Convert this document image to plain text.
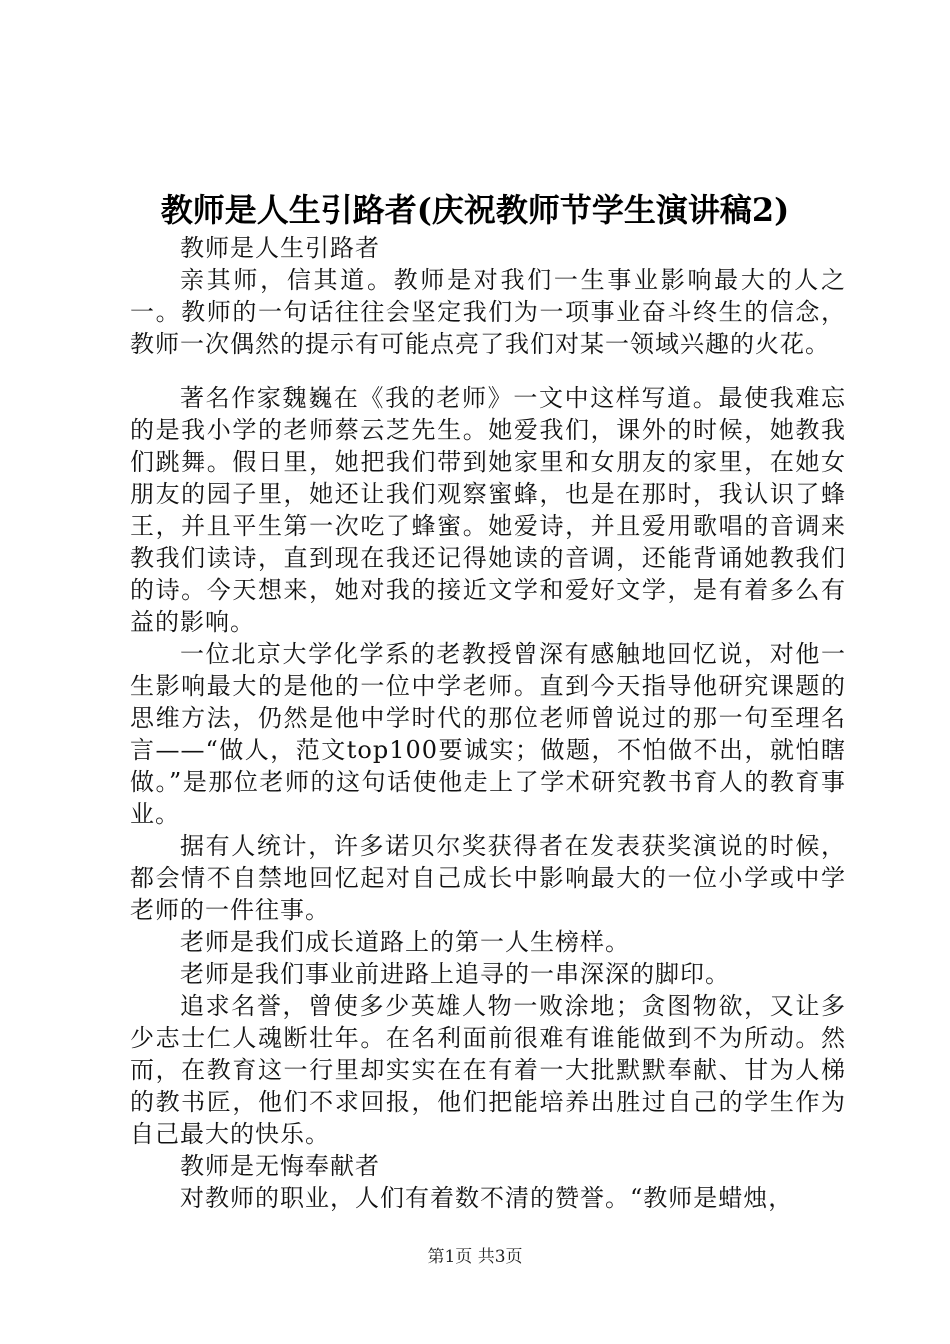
教师是人生引路者(庆祝教师节学生演讲稿2)

教师是人生引路者

亲其师，信其道。教师是对我们一生事业影响最大的人之一。教师的一句话往往会坚定我们为一项事业奋斗终生的信念，教师一次偶然的提示有可能点亮了我们对某一领域兴趣的火花。

著名作家魏巍在《我的老师》一文中这样写道。最使我难忘的是我小学的老师蔡云芝先生。她爱我们，课外的时候，她教我们跳舞。假日里，她把我们带到她家里和女朋友的家里，在她女朋友的园子里，她还让我们观察蜜蜂，也是在那时，我认识了蜂王，并且平生第一次吃了蜂蜜。她爱诗，并且爱用歌唱的音调来教我们读诗，直到现在我还记得她读的音调，还能背诵她教我们的诗。今天想来，她对我的接近文学和爱好文学，是有着多么有益的影响。

一位北京大学化学系的老教授曾深有感触地回忆说，对他一生影响最大的是他的一位中学老师。直到今天指导他研究课题的思维方法，仍然是他中学时代的那位老师曾说过的那一句至理名言——“做人，范文top100要诚实；做题，不怕做不出，就怕瞎做。”是那位老师的这句话使他走上了学术研究教书育人的教育事业。

据有人统计，许多诺贝尔奖获得者在发表获奖演说的时候，都会情不自禁地回忆起对自己成长中影响最大的一位小学或中学老师的一件往事。

老师是我们成长道路上的第一人生榜样。

老师是我们事业前进路上追寻的一串深深的脚印。

追求名誉，曾使多少英雄人物一败涂地；贪图物欲，又让多少志士仁人魂断壮年。在名利面前很难有谁能做到不为所动。然而，在教育这一行里却实实在在有着一大批默默奉献、甘为人梯的教书匠，他们不求回报，他们把能培养出胜过自己的学生作为自己最大的快乐。

教师是无悔奉献者

对教师的职业，人们有着数不清的赞誉。“教师是蜡烛，

第1页 共3页
